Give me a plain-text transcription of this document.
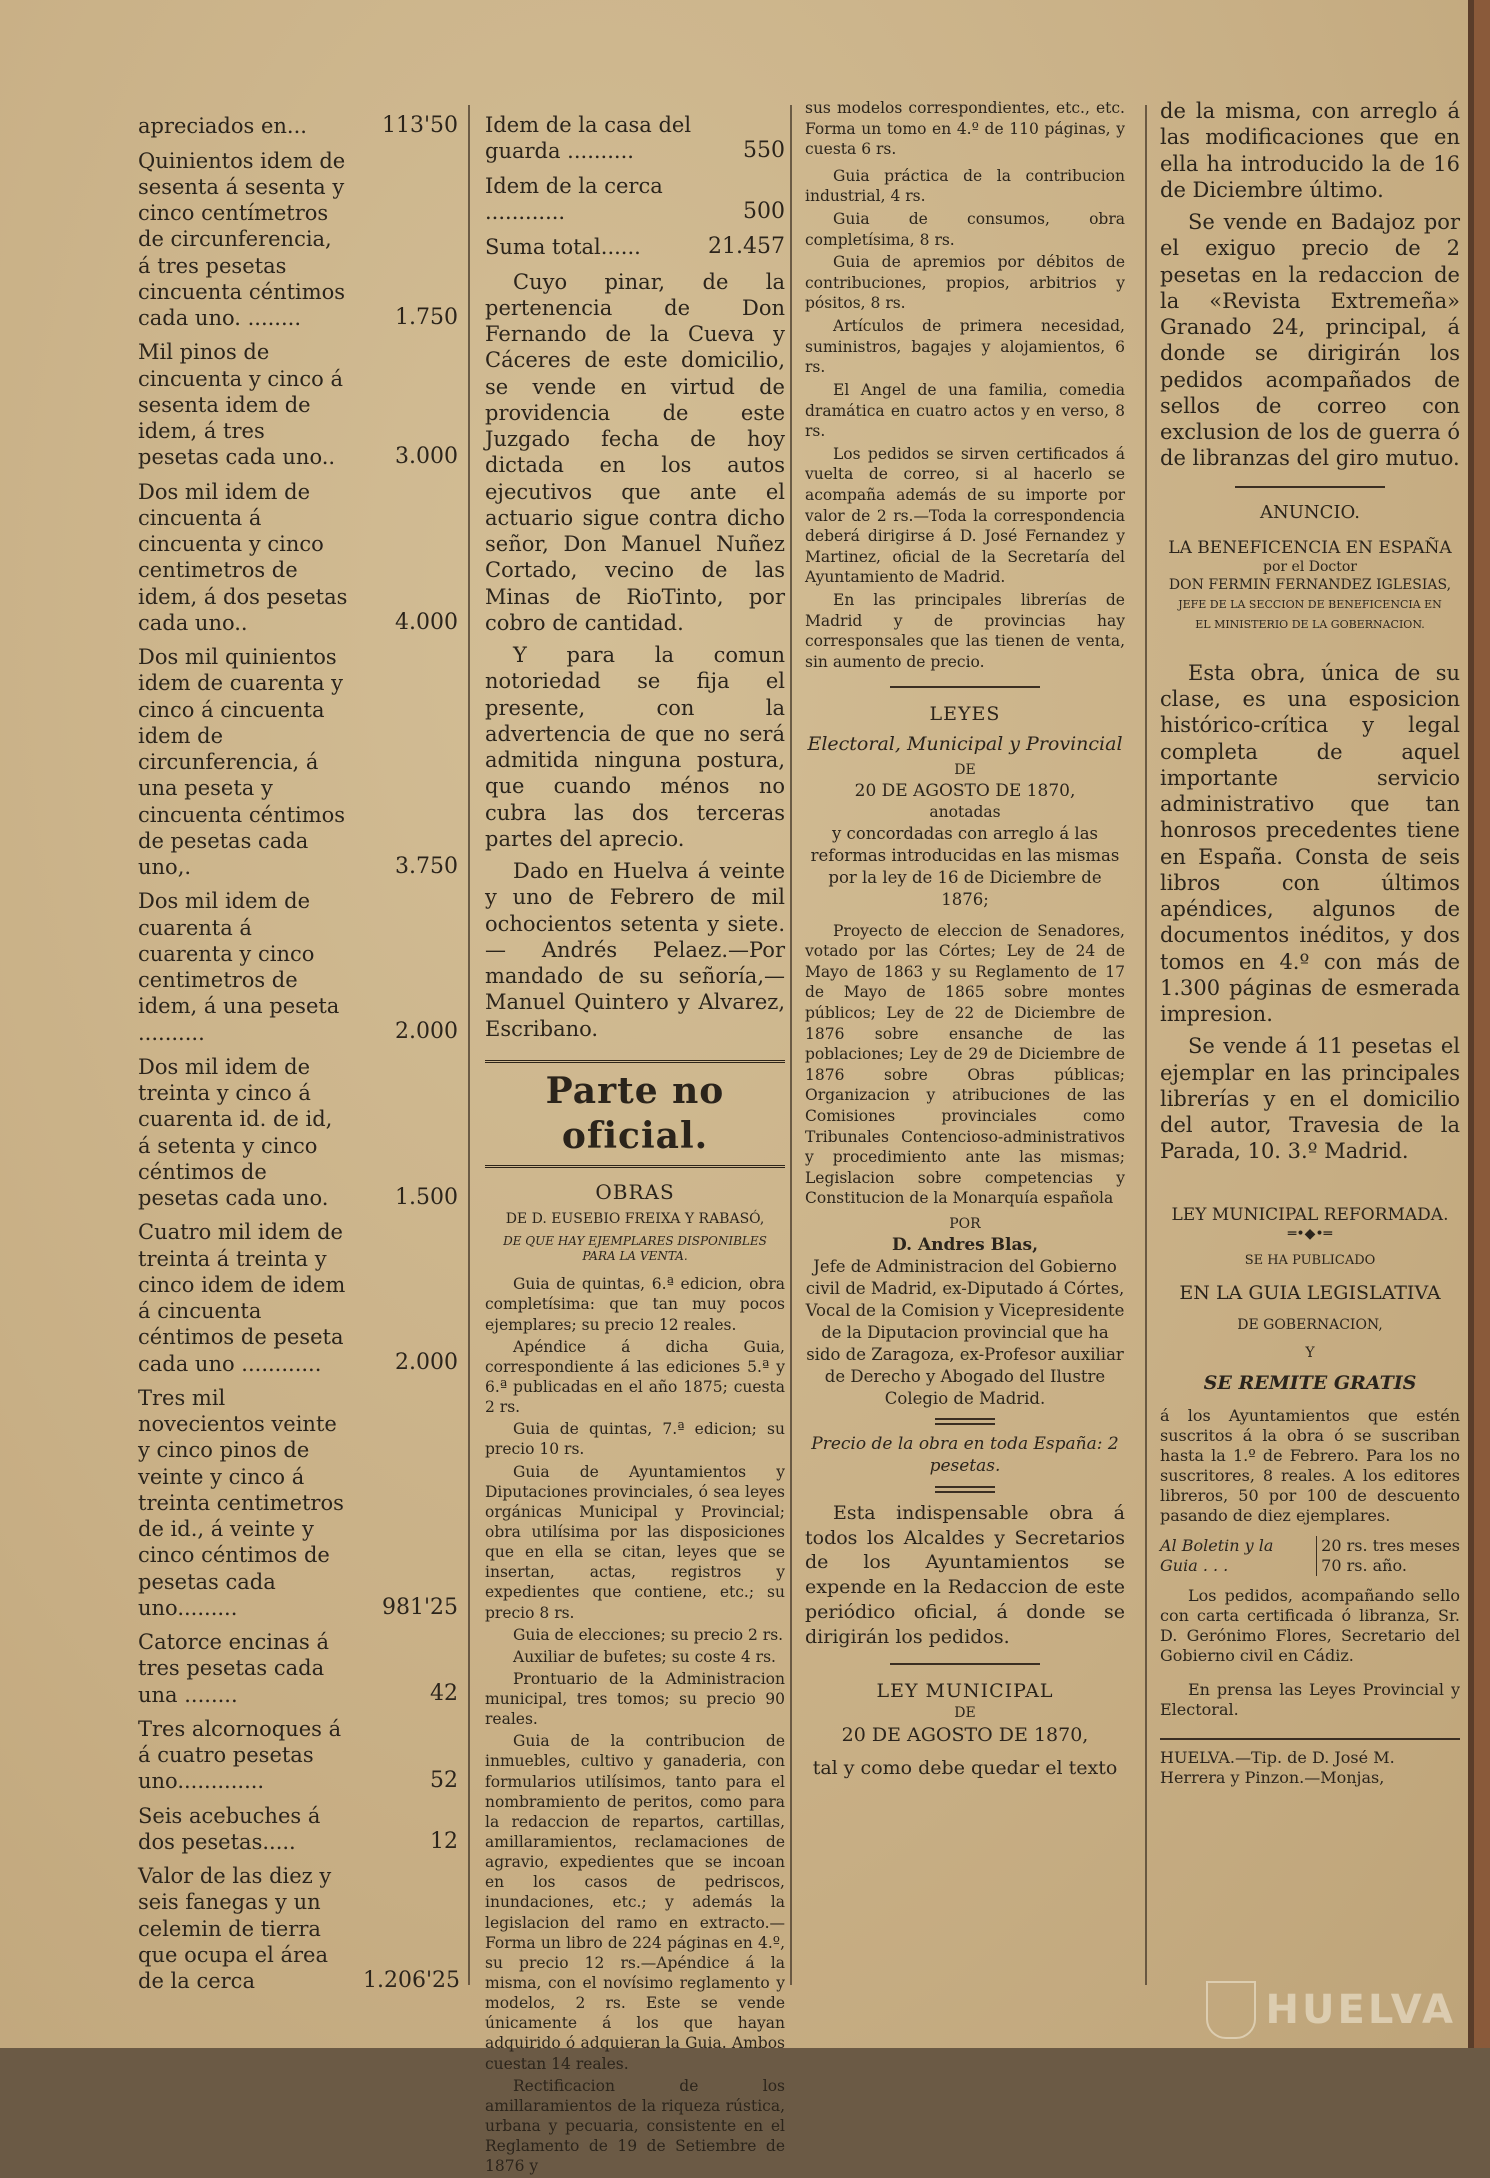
apreciados en...	113'50
Quinientos idem de sesenta á sesenta y cinco centímetros de circunferencia, á tres pesetas cincuenta céntimos cada uno. ........	1.750
Mil pinos de cincuenta y cinco á sesenta idem de idem, á tres pesetas cada uno..	3.000
Dos mil idem de cincuenta á cincuenta y cinco centimetros de idem, á dos pesetas cada uno..	4.000
Dos mil quinientos idem de cuarenta y cinco á cincuenta idem de circunferencia, á una peseta y cincuenta céntimos de pesetas cada uno,.	3.750
Dos mil idem de cuarenta á cuarenta y cinco centimetros de idem, á una peseta ..........	2.000
Dos mil idem de treinta y cinco á cuarenta id. de id, á setenta y cinco céntimos de pesetas cada uno.	1.500
Cuatro mil idem de treinta á treinta y cinco idem de idem á cincuenta céntimos de peseta cada uno ............	2.000
Tres mil novecientos veinte y cinco pinos de veinte y cinco á treinta centimetros de id., á veinte y cinco céntimos de pesetas cada uno.........	981'25
Catorce encinas á tres pesetas cada una ........	42
Tres alcornoques á á cuatro pesetas uno.............	52
Seis acebuches á dos pesetas.....	12
Valor de las diez y seis fanegas y un celemin de tierra que ocupa el área de la cerca	1.206'25
Idem de la casa del guarda ..........	550
Idem de la cerca ............	500
Suma total......	21.457

Cuyo pinar, de la pertenencia de Don Fernando de la Cueva y Cáceres de este domicilio, se vende en virtud de providencia de este Juzgado fecha de hoy dictada en los autos ejecutivos que ante el actuario sigue contra dicho señor, Don Manuel Nuñez Cortado, vecino de las Minas de RioTinto, por cobro de cantidad.

Y para la comun notoriedad se fija el presente, con la advertencia de que no será admitida ninguna postura, que cuando ménos no cubra las dos terceras partes del aprecio.

Dado en Huelva á veinte y uno de Febrero de mil ochocientos setenta y siete.— Andrés Pelaez.—Por mandado de su señoría,—Manuel Quintero y Alvarez, Escribano.

Parte no oficial.
OBRAS
DE D. EUSEBIO FREIXA Y RABASÓ,
DE QUE HAY EJEMPLARES DISPONIBLES PARA LA VENTA.

Guia de quintas, 6.ª edicion, obra completísima: que tan muy pocos ejemplares; su precio 12 reales.

Apéndice á dicha Guia, correspondiente á las ediciones 5.ª y 6.ª publicadas en el año 1875; cuesta 2 rs.

Guia de quintas, 7.ª edicion; su precio 10 rs.

Guia de Ayuntamientos y Diputaciones provinciales, ó sea leyes orgánicas Municipal y Provincial; obra utilísima por las disposiciones que en ella se citan, leyes que se insertan, actas, registros y expedientes que contiene, etc.; su precio 8 rs.

Guia de elecciones; su precio 2 rs.

Auxiliar de bufetes; su coste 4 rs.

Prontuario de la Administracion municipal, tres tomos; su precio 90 reales.

Guia de la contribucion de inmuebles, cultivo y ganaderia, con formularios utilísimos, tanto para el nombramiento de peritos, como para la redaccion de repartos, cartillas, amillaramientos, reclamaciones de agravio, expedientes que se incoan en los casos de pedriscos, inundaciones, etc.; y además la legislacion del ramo en extracto.—Forma un libro de 224 páginas en 4.º, su precio 12 rs.—Apéndice á la misma, con el novísimo reglamento y modelos, 2 rs. Este se vende únicamente á los que hayan adquirido ó adquieran la Guia. Ambos cuestan 14 reales.

Rectificacion de los amillaramientos de la riqueza rústica, urbana y pecuaria, consistente en el Reglamento de 19 de Setiembre de 1876 y

sus modelos correspondientes, etc., etc. Forma un tomo en 4.º de 110 páginas, y cuesta 6 rs.

Guia práctica de la contribucion industrial, 4 rs.

Guia de consumos, obra completísima, 8 rs.

Guia de apremios por débitos de contribuciones, propios, arbitrios y pósitos, 8 rs.

Artículos de primera necesidad, suministros, bagajes y alojamientos, 6 rs.

El Angel de una familia, comedia dramática en cuatro actos y en verso, 8 rs.

Los pedidos se sirven certificados á vuelta de correo, si al hacerlo se acompaña además de su importe por valor de 2 rs.—Toda la correspondencia deberá dirigirse á D. José Fernandez y Martinez, oficial de la Secretaría del Ayuntamiento de Madrid.

En las principales librerías de Madrid y de provincias hay corresponsales que las tienen de venta, sin aumento de precio.

LEYES
Electoral, Municipal y Provincial
DE
20 DE AGOSTO DE 1870,
anotadas

y concordadas con arreglo á las reformas introducidas en las mismas por la ley de 16 de Diciembre de 1876;

Proyecto de eleccion de Senadores, votado por las Córtes; Ley de 24 de Mayo de 1863 y su Reglamento de 17 de Mayo de 1865 sobre montes públicos; Ley de 22 de Diciembre de 1876 sobre ensanche de las poblaciones; Ley de 29 de Diciembre de 1876 sobre Obras públicas; Organizacion y atribuciones de las Comisiones provinciales como Tribunales Contencioso-administrativos y procedimiento ante las mismas; Legislacion sobre competencias y Constitucion de la Monarquía española

POR
D. Andres Blas,

Jefe de Administracion del Gobierno civil de Madrid, ex-Diputado á Córtes, Vocal de la Comision y Vicepresidente de la Diputacion provincial que ha sido de Zaragoza, ex-Profesor auxiliar de Derecho y Abogado del Ilustre Colegio de Madrid.

Precio de la obra en toda España: 2 pesetas.

Esta indispensable obra á todos los Alcaldes y Secretarios de los Ayuntamientos se expende en la Redaccion de este periódico oficial, á donde se dirigirán los pedidos.

LEY MUNICIPAL
DE
20 DE AGOSTO DE 1870,
tal y como debe quedar el texto

de la misma, con arreglo á las modificaciones que en ella ha introducido la de 16 de Diciembre último.

Se vende en Badajoz por el exiguo precio de 2 pesetas en la redaccion de la «Revista Extremeña» Granado 24, principal, á donde se dirigirán los pedidos acompañados de sellos de correo con exclusion de los de guerra ó de libranzas del giro mutuo.

ANUNCIO.
LA BENEFICENCIA EN ESPAÑA
por el Doctor
DON FERMIN FERNANDEZ IGLESIAS,
JEFE DE LA SECCION DE BENEFICENCIA EN
EL MINISTERIO DE LA GOBERNACION.

Esta obra, única de su clase, es una esposicion histórico-crítica y legal completa de aquel importante servicio administrativo que tan honrosos precedentes tiene en España. Consta de seis libros con últimos apéndices, algunos de documentos inéditos, y dos tomos en 4.º con más de 1.300 páginas de esmerada impresion.

Se vende á 11 pesetas el ejemplar en las principales librerías y en el domicilio del autor, Travesia de la Parada, 10. 3.º Madrid.

LEY MUNICIPAL REFORMADA.
═•◆•═
SE HA PUBLICADO
EN LA GUIA LEGISLATIVA
DE GOBERNACION,
Y
SE REMITE GRATIS

á los Ayuntamientos que estén suscritos á la obra ó se suscriban hasta la 1.º de Febrero. Para los no suscritores, 8 reales. A los editores libreros, 50 por 100 de descuento pasando de diez ejemplares.

Al Boletin y la Guia . . .
20 rs. tres meses
70 rs. año.

Los pedidos, acompañando sello con carta certificada ó libranza, Sr. D. Gerónimo Flores, Secretario del Gobierno civil en Cádiz.

En prensa las Leyes Provincial y Electoral.

HUELVA.—Tip. de D. José M. Herrera y Pinzon.—Monjas,
HUELVA
